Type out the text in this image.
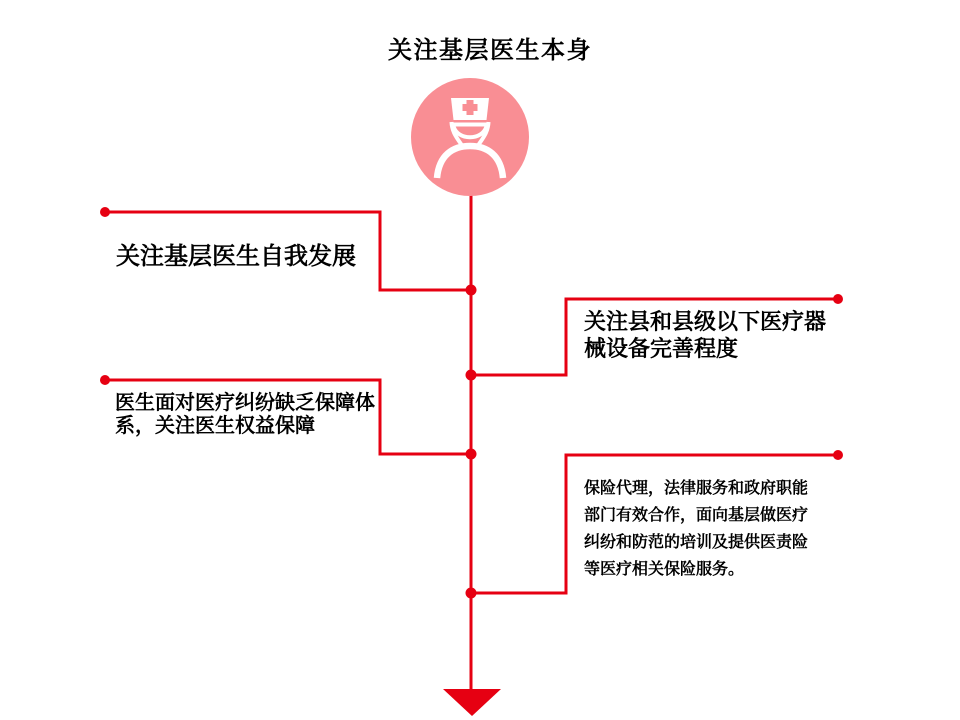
关注基层医生本身
关注基层医生自我发展
关注县和县级以下医疗器械设备完善程度
医生面对医疗纠纷缺乏保障体系，关注医生权益保障
保险代理，法律服务和政府职能部门有效合作，面向基层做医疗纠纷和防范的培训及提供医责险等医疗相关保险服务。
